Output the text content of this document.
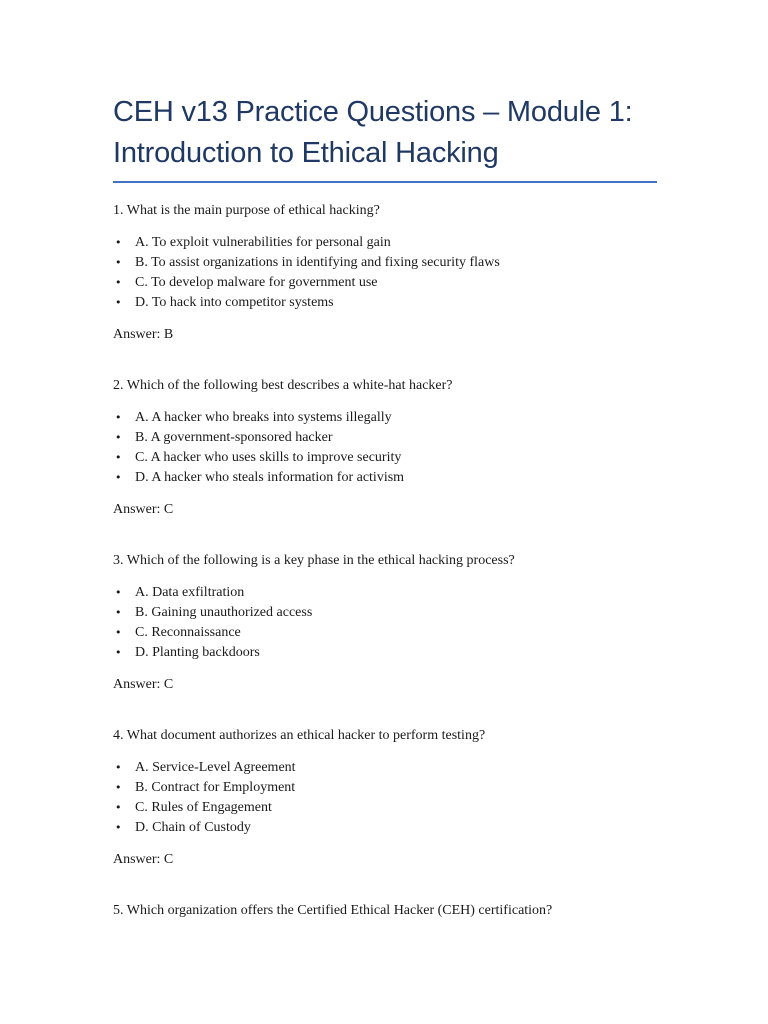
CEH v13 Practice Questions – Module 1:
Introduction to Ethical Hacking

1. What is the main purpose of ethical hacking?

• A. To exploit vulnerabilities for personal gain
• B. To assist organizations in identifying and fixing security flaws
• C. To develop malware for government use
• D. To hack into competitor systems

Answer: B

2. Which of the following best describes a white-hat hacker?

• A. A hacker who breaks into systems illegally
• B. A government-sponsored hacker
• C. A hacker who uses skills to improve security
• D. A hacker who steals information for activism

Answer: C

3. Which of the following is a key phase in the ethical hacking process?

• A. Data exfiltration
• B. Gaining unauthorized access
• C. Reconnaissance
• D. Planting backdoors

Answer: C

4. What document authorizes an ethical hacker to perform testing?

• A. Service-Level Agreement
• B. Contract for Employment
• C. Rules of Engagement
• D. Chain of Custody

Answer: C

5. Which organization offers the Certified Ethical Hacker (CEH) certification?
